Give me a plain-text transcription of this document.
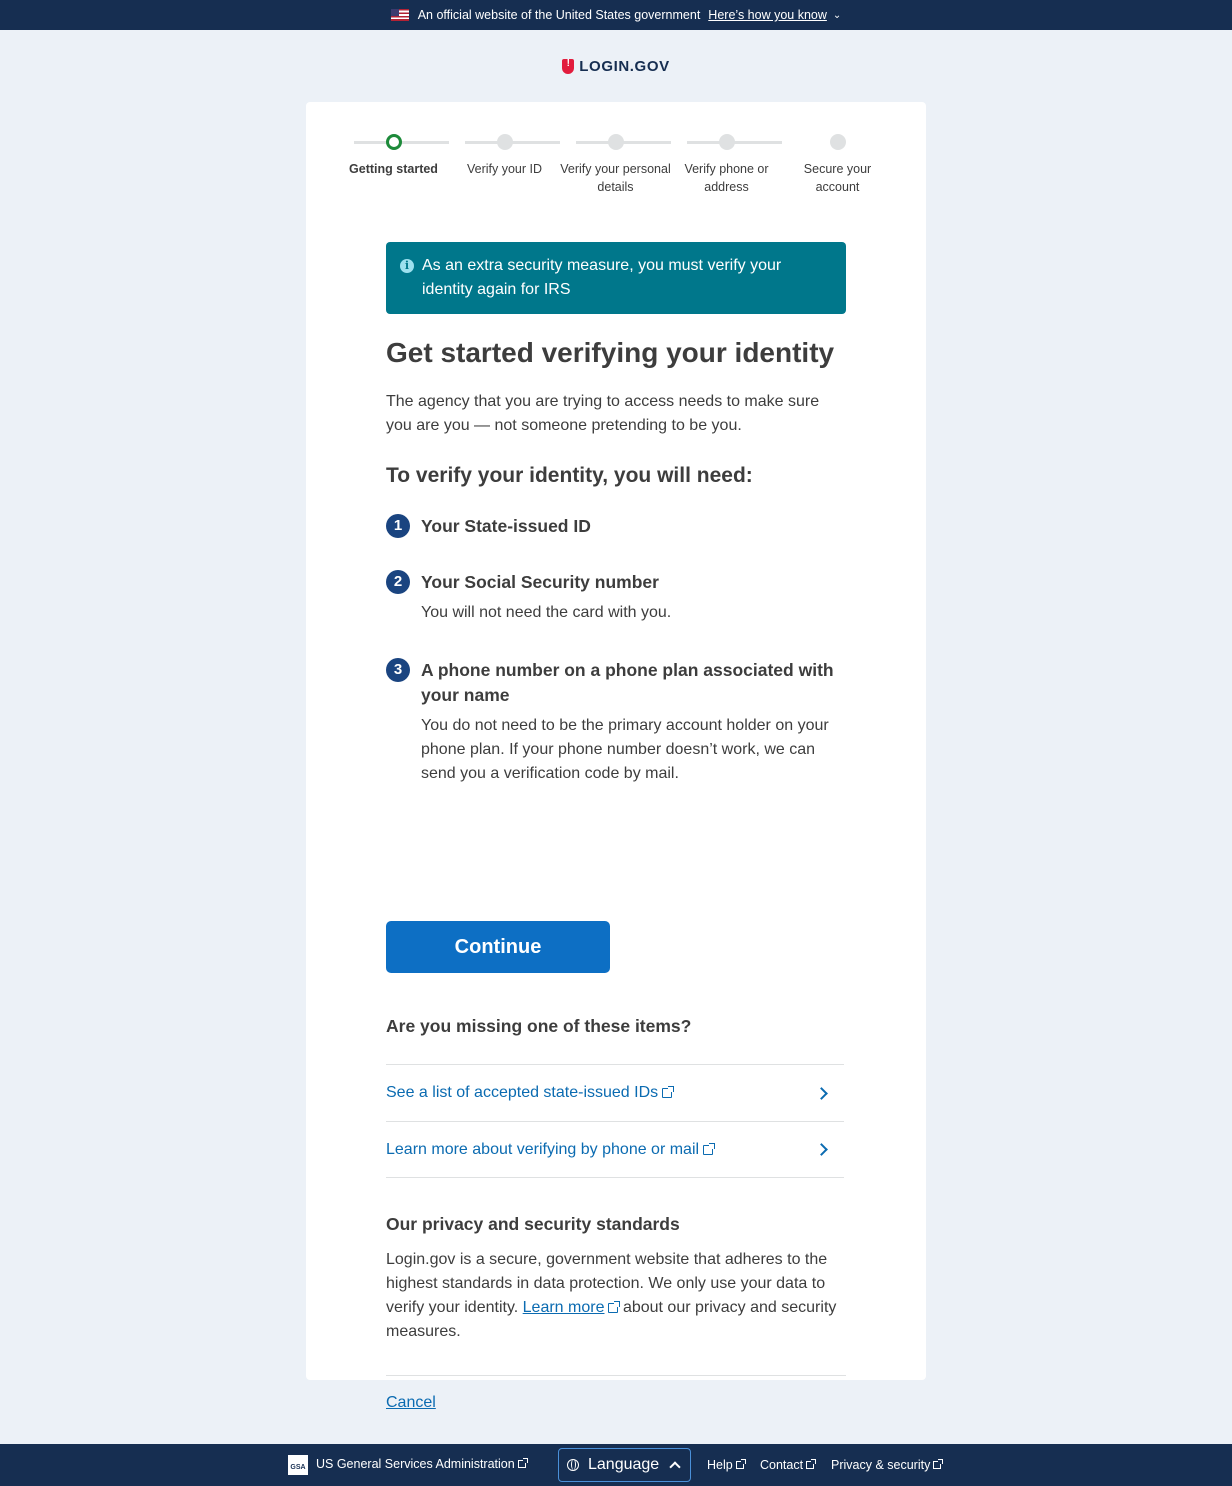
An official website of the United States government Here’s how you know ⌄
!
LOGIN.GOV
Getting started	Verify your ID	Verify your personal details
Verify phone or address
Secure your account
i As an extra security measure, you must verify your identity again for IRS
Get started verifying your identity

The agency that you are trying to access needs to make sure you are you — not someone pretending to be you.

To verify your identity, you will need:
1	Your State-issued ID
2	Your Social Security number
You will not need the card with you.
3	A phone number on a phone plan associated with your name
You do not need to be the primary account holder on your phone plan. If your phone number doesn’t work, we can send you a verification code by mail.
Continue
Are you missing one of these items?
See a list of accepted state-issued IDs
Learn more about verifying by phone or mail
Our privacy and security standards

Login.gov is a secure, government website that adheres to the highest standards in data protection. We only use your data to verify your identity. Learn more about our privacy and security measures.

Cancel
GSA US General Services Administration	Language	Help Contact Privacy & security
